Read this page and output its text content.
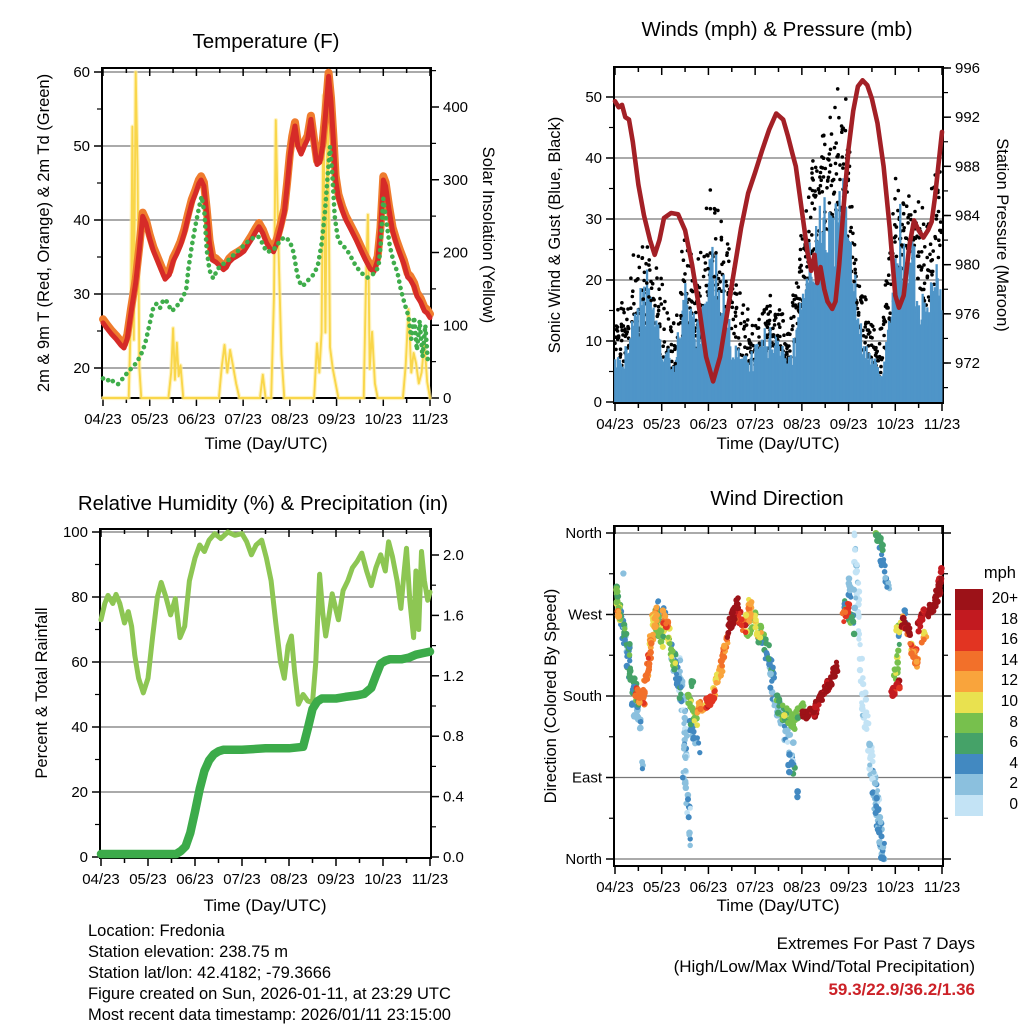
04/23 05/23 06/23 07/23 08/23 09/23 10/23 11/23
20
30
40
50
60
0
100
200
300
400
04/23 05/23 06/23 07/23 08/23 09/23 10/23 11/23
0
10
20
30
40
50
996
992
988
984
980
976
972
04/23 05/23 06/23 07/23 08/23 09/23 10/23 11/23
0
20
40
60
80
100
0.0
0.4
0.8
1.2
1.6
2.0
04/23 05/23 06/23 07/23 08/23 09/23 10/23 11/23
North
West
South
East
North
Temperature (F)
Winds (mph) & Pressure (mb)
Relative Humidity (%) & Precipitation (in)	Wind Direction
2m & 9m T (Red, Orange) & 2m Td (Green)	Solar Insolation (Yellow)	Sonic Wind & Gust (Blue, Black)	Station Pressure (Maroon)
Percent & Total Rainfall	Direction (Colored By Speed)
Time (Day/UTC)	Time (Day/UTC)
Time (Day/UTC)	Time (Day/UTC)
Location: Fredonia
Station elevation: 238.75 m
Station lat/lon: 42.4182; -79.3666
Figure created on Sun, 2026-01-11, at 23:29 UTC
Most recent data timestamp: 2026/01/11 23:15:00
Extremes For Past 7 Days
(High/Low/Max Wind/Total Precipitation)
59.3/22.9/36.2/1.36
mph
20+
18
16
14
12
10
8
6
4
2
0
